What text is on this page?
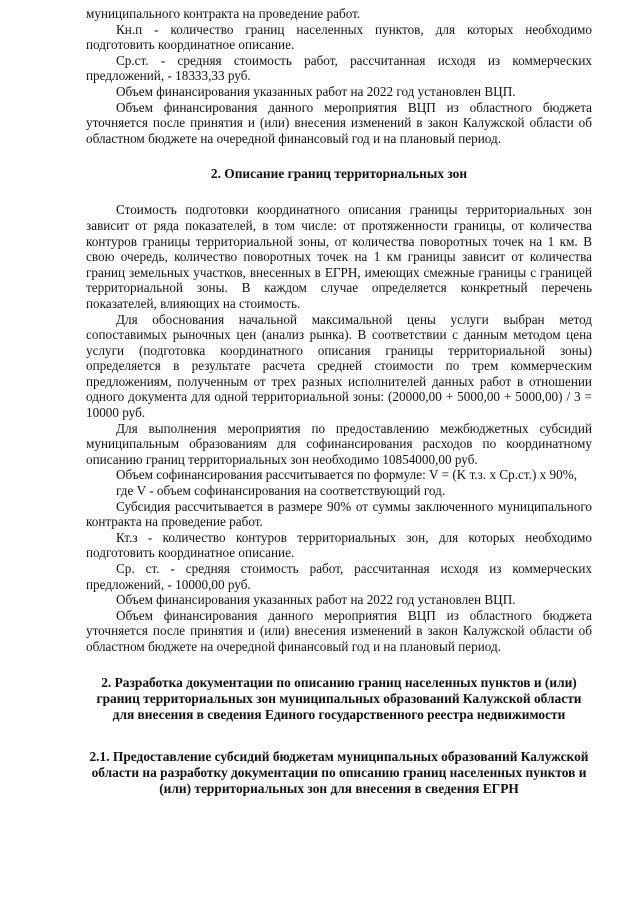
муниципального контракта на проведение работ.

Кн.п - количество границ населенных пунктов, для которых необходимо подготовить координатное описание.

Ср.ст. - средняя стоимость работ, рассчитанная исходя из коммерческих предложений, - 18333,33 руб.

Объем финансирования указанных работ на 2022 год установлен ВЦП.

Объем финансирования данного мероприятия ВЦП из областного бюджета уточняется после принятия и (или) внесения изменений в закон Калужской области об областном бюджете на очередной финансовый год и на плановый период.

2. Описание границ территориальных зон

Стоимость подготовки координатного описания границы территориальных зон зависит от ряда показателей, в том числе: от протяженности границы, от количества контуров границы территориальной зоны, от количества поворотных точек на 1 км. В свою очередь, количество поворотных точек на 1 км границы зависит от количества границ земельных участков, внесенных в ЕГРН, имеющих смежные границы с границей территориальной зоны. В каждом случае определяется конкретный перечень показателей, влияющих на стоимость.

Для обоснования начальной максимальной цены услуги выбран метод сопоставимых рыночных цен (анализ рынка). В соответствии с данным методом цена услуги (подготовка координатного описания границы территориальной зоны) определяется в результате расчета средней стоимости по трем коммерческим предложениям, полученным от трех разных исполнителей данных работ в отношении одного документа для одной территориальной зоны: (20000,00 + 5000,00 + 5000,00) / 3 = 10000 руб.

Для выполнения мероприятия по предоставлению межбюджетных субсидий муниципальным образованиям для софинансирования расходов по координатному описанию границ территориальных зон необходимо 10854000,00 руб.

Объем софинансирования рассчитывается по формуле: V = (K т.з. x Ср.ст.) x 90%,

где V - объем софинансирования на соответствующий год.

Субсидия рассчитывается в размере 90% от суммы заключенного муниципального контракта на проведение работ.

Кт.з - количество контуров территориальных зон, для которых необходимо подготовить координатное описание.

Ср. ст. - средняя стоимость работ, рассчитанная исходя из коммерческих предложений, - 10000,00 руб.

Объем финансирования указанных работ на 2022 год установлен ВЦП.

Объем финансирования данного мероприятия ВЦП из областного бюджета уточняется после принятия и (или) внесения изменений в закон Калужской области об областном бюджете на очередной финансовый год и на плановый период.

2. Разработка документации по описанию границ населенных пунктов и (или) границ территориальных зон муниципальных образований Калужской области для внесения в сведения Единого государственного реестра недвижимости
2.1. Предоставление субсидий бюджетам муниципальных образований Калужской области на разработку документации по описанию границ населенных пунктов и (или) территориальных зон для внесения в сведения ЕГРН
